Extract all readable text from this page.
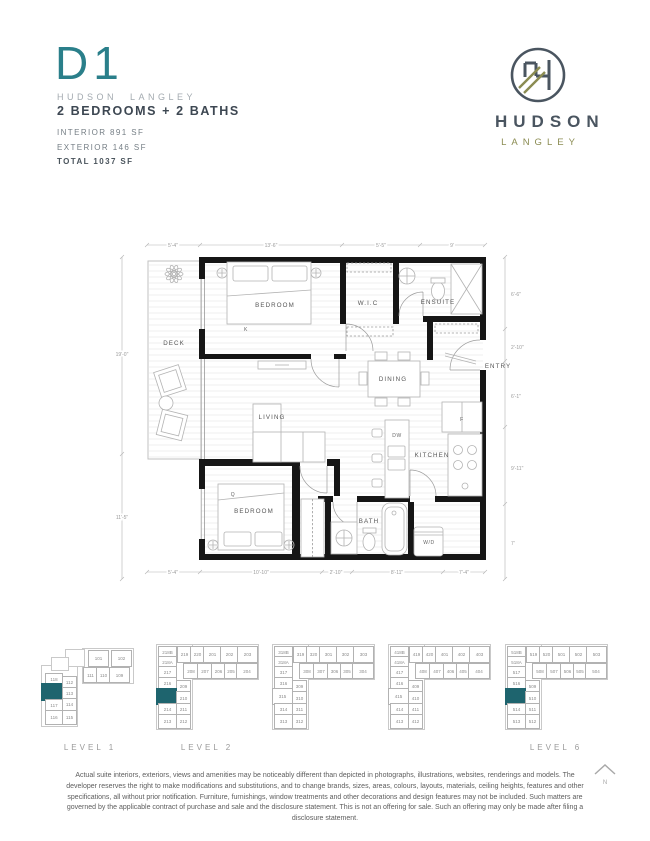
D1
HUDSON LANGLEY
2 BEDROOMS + 2 BATHS
INTERIOR 891 SF
EXTERIOR 146 SF
TOTAL 1037 SF
HUDSON
LANGLEY
5'-4"	13'-6"	5'-5"	9'
5'-4"	10'-10"	2'-10"	8'-11"	7'-4"
19'-0"
11'-5"
6'-6"
2'-10"
6'-1"
9'-11"
7'
DECK
BEDROOM	W.I.C	ENSUITE
ENTRY
DINING
LIVING
KITCHEN
BEDROOM
BATH
DW
F
W/D
K
Q
101	102
111	110	109
118
117
116
112
113
114
115
218B	219	220	201	202	203
218A
208	207	206	205	204
217
216
209
210
214	211
213	212
318B	319	320	301	302	303
318A
308	307	306	305	304
317
316
309
315	310
314	311
313	312
418B	419	420	401	402	403
418A
408	407	406	405	404
417
416
409
415	410
414	411
413	412
518B	519	520	501	502	503
518A
508	507	506	505	504
517
516
509
510
514	511
513	512
LEVEL 1	LEVEL 2	LEVEL 6
Actual suite interiors, exteriors, views and amenities may be noticeably different than depicted in photographs, illustrations, websites, renderings and models. The developer reserves the right to make modifications and substitutions, and to change brands, sizes, areas, colours, layouts, materials, ceiling heights, features and other specifications, all without prior notification. Furniture, furnishings, window treatments and other decorations and design features may not be included. Such matters are governed by the applicable contract of purchase and sale and the disclosure statement. This is not an offering for sale. Such an offering may only be made after filing a disclosure statement.
N
